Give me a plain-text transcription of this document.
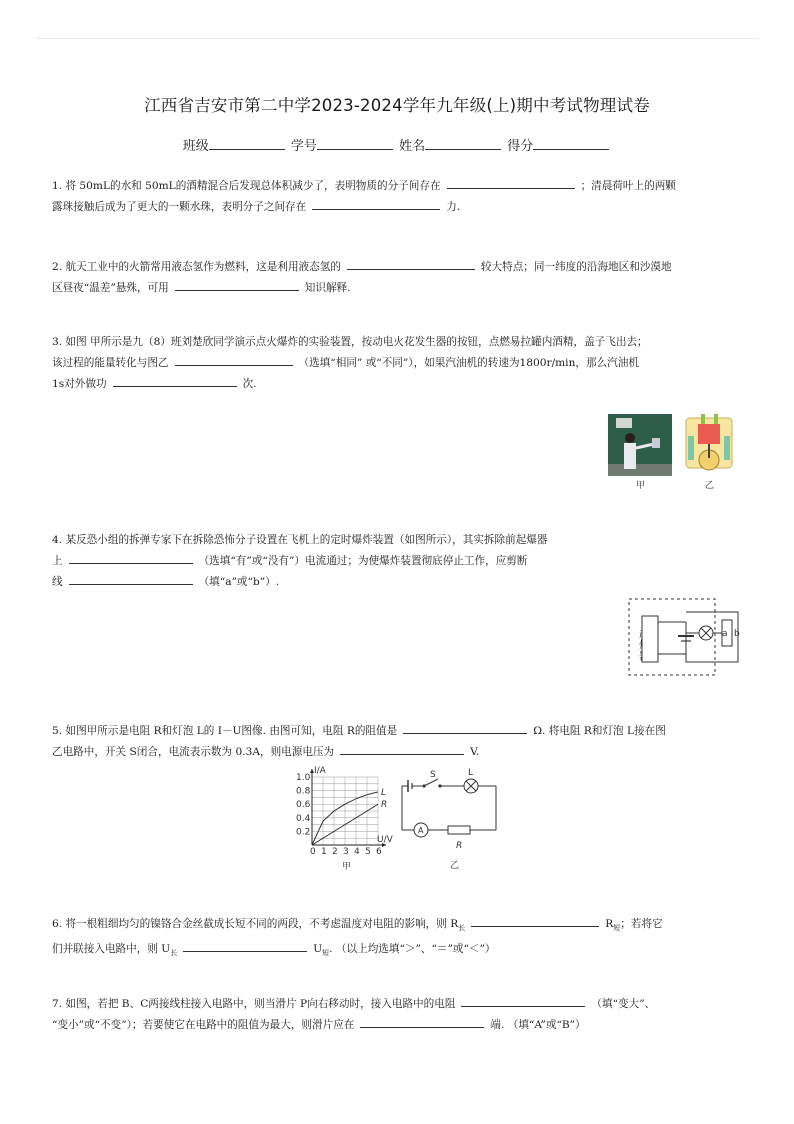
江西省吉安市第二中学2023-2024学年九年级(上)期中考试物理试卷
班级	学号	姓名	得分
1. 将 50mL的水和 50mL的酒精混合后发现总体积减少了，表明物质的分子间存在	；清晨荷叶上的两颗
露珠接触后成为了更大的一颗水珠，表明分子之间存在	力.
2. 航天工业中的火箭常用液态氢作为燃料，这是利用液态氢的	较大特点；同一纬度的沿海地区和沙漠地
区昼夜“温差”悬殊，可用	知识解释.
3. 如图 甲所示是九（8）班刘楚欣同学演示点火爆炸的实验装置，按动电火花发生器的按钮，点燃易拉罐内酒精，盖子飞出去；
该过程的能量转化与图乙	（选填“相同” 或“不同”），如果汽油机的转速为1800r/min，那么汽油机
1s对外做功	次.
甲	乙
4. 某反恐小组的拆弹专家下在拆除恐怖分子设置在飞机上的定时爆炸装置（如图所示），其实拆除前起爆器
上	（选填“有”或“没有”）电流通过；为使爆炸装置彻底停止工作，应剪断
线	（填“a”或“b”）.
a b
5. 如图甲所示是电阻 R和灯泡 L的 I－U图像. 由图可知，电阻 R的阻值是	Ω. 将电阻 R和灯泡 L接在图
乙电路中，开关 S闭合，电流表示数为 0.3A，则电源电压为	V.
L
R
0 1 2 3 4 5 6
0.2
0.4
0.6
0.8
1.0
U/V
I/A
甲
A
S	L
R
乙
6. 将一根粗细均匀的镍铬合金丝截成长短不同的两段，不考虑温度对电阻的影响，则 $R_长$	$R_短$；若将它
们并联接入电路中，则 $U_长$	$U_短$. （以上均选填“＞”、“＝”或“＜”）
7. 如图，若把 B、C两接线柱接入电路中，则当滑片 P向右移动时，接入电路中的电阻	（填“变大”、
“变小”或“不变”）；若要使它在电路中的阻值为最大，则滑片应在	端. （填“A”或“B”）
